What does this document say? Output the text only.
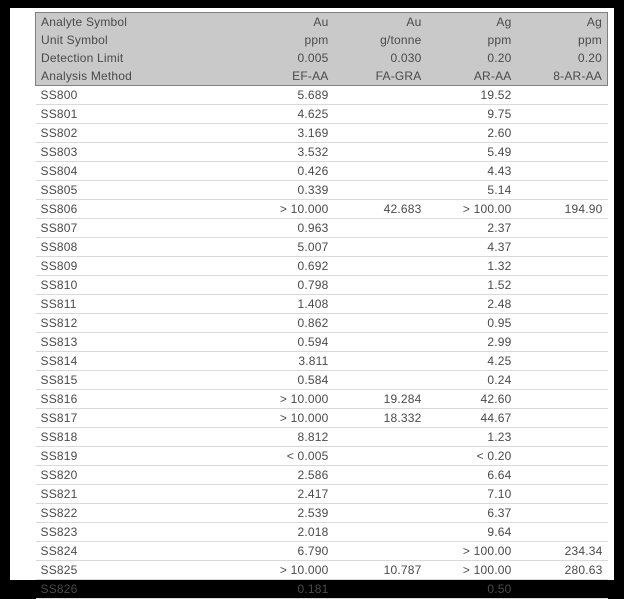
Analyte Symbol	Au	Au	Ag	Ag
Unit Symbol	ppm	g/tonne	ppm	ppm
Detection Limit	0.005	0.030	0.20	0.20
Analysis Method	EF-AA	FA-GRA	AR-AA	8-AR-AA
SS800	5.689		19.52	
SS801	4.625		9.75	
SS802	3.169		2.60	
SS803	3.532		5.49	
SS804	0.426		4.43	
SS805	0.339		5.14	
SS806	> 10.000	42.683	> 100.00	194.90
SS807	0.963		2.37	
SS808	5.007		4.37	
SS809	0.692		1.32	
SS810	0.798		1.52	
SS811	1.408		2.48	
SS812	0.862		0.95	
SS813	0.594		2.99	
SS814	3.811		4.25	
SS815	0.584		0.24	
SS816	> 10.000	19.284	42.60	
SS817	> 10.000	18.332	44.67	
SS818	8.812		1.23	
SS819	< 0.005		< 0.20	
SS820	2.586		6.64	
SS821	2.417		7.10	
SS822	2.539		6.37	
SS823	2.018		9.64	
SS824	6.790		> 100.00	234.34
SS825	> 10.000	10.787	> 100.00	280.63
SS826	0.181		0.50	
